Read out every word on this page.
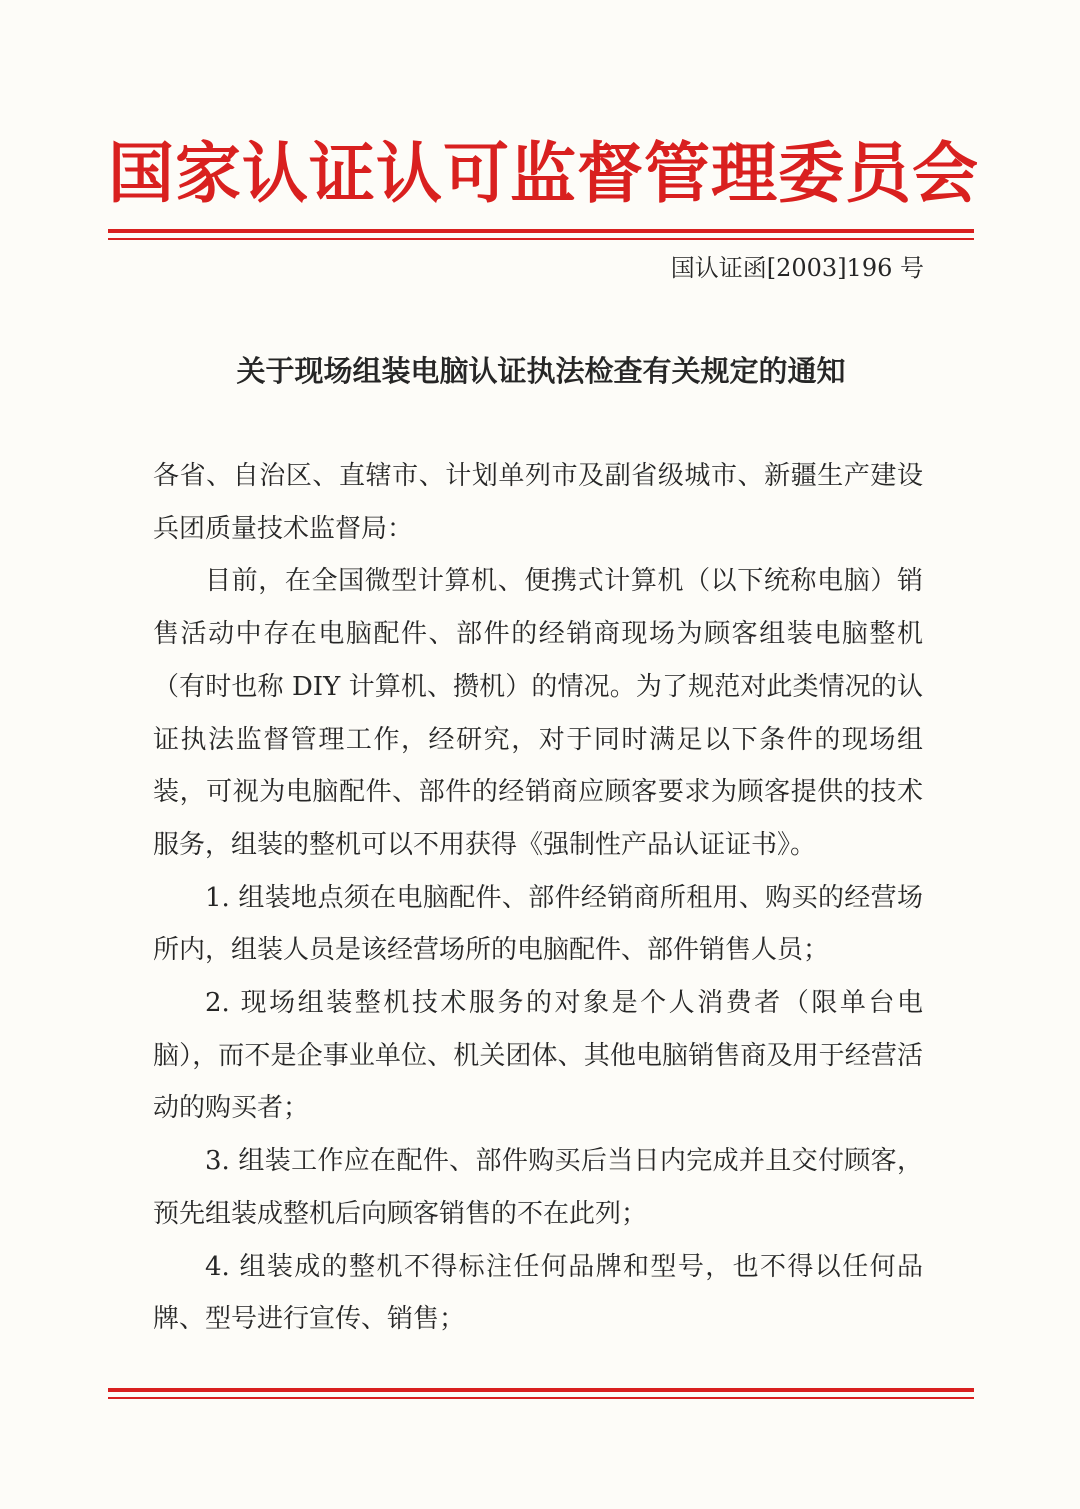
国家认证认可监督管理委员会
国认证函[2003]196 号
关于现场组装电脑认证执法检查有关规定的通知

各省、自治区、直辖市、计划单列市及副省级城市、新疆生产建设兵团质量技术监督局：

目前，在全国微型计算机、便携式计算机（以下统称电脑）销售活动中存在电脑配件、部件的经销商现场为顾客组装电脑整机（有时也称 DIY 计算机、攒机）的情况。为了规范对此类情况的认证执法监督管理工作，经研究，对于同时满足以下条件的现场组装，可视为电脑配件、部件的经销商应顾客要求为顾客提供的技术服务，组装的整机可以不用获得《强制性产品认证证书》。

1. 组装地点须在电脑配件、部件经销商所租用、购买的经营场所内，组装人员是该经营场所的电脑配件、部件销售人员；

2. 现场组装整机技术服务的对象是个人消费者（限单台电脑），而不是企事业单位、机关团体、其他电脑销售商及用于经营活动的购买者；

3. 组装工作应在配件、部件购买后当日内完成并且交付顾客，预先组装成整机后向顾客销售的不在此列；

4. 组装成的整机不得标注任何品牌和型号，也不得以任何品牌、型号进行宣传、销售；
